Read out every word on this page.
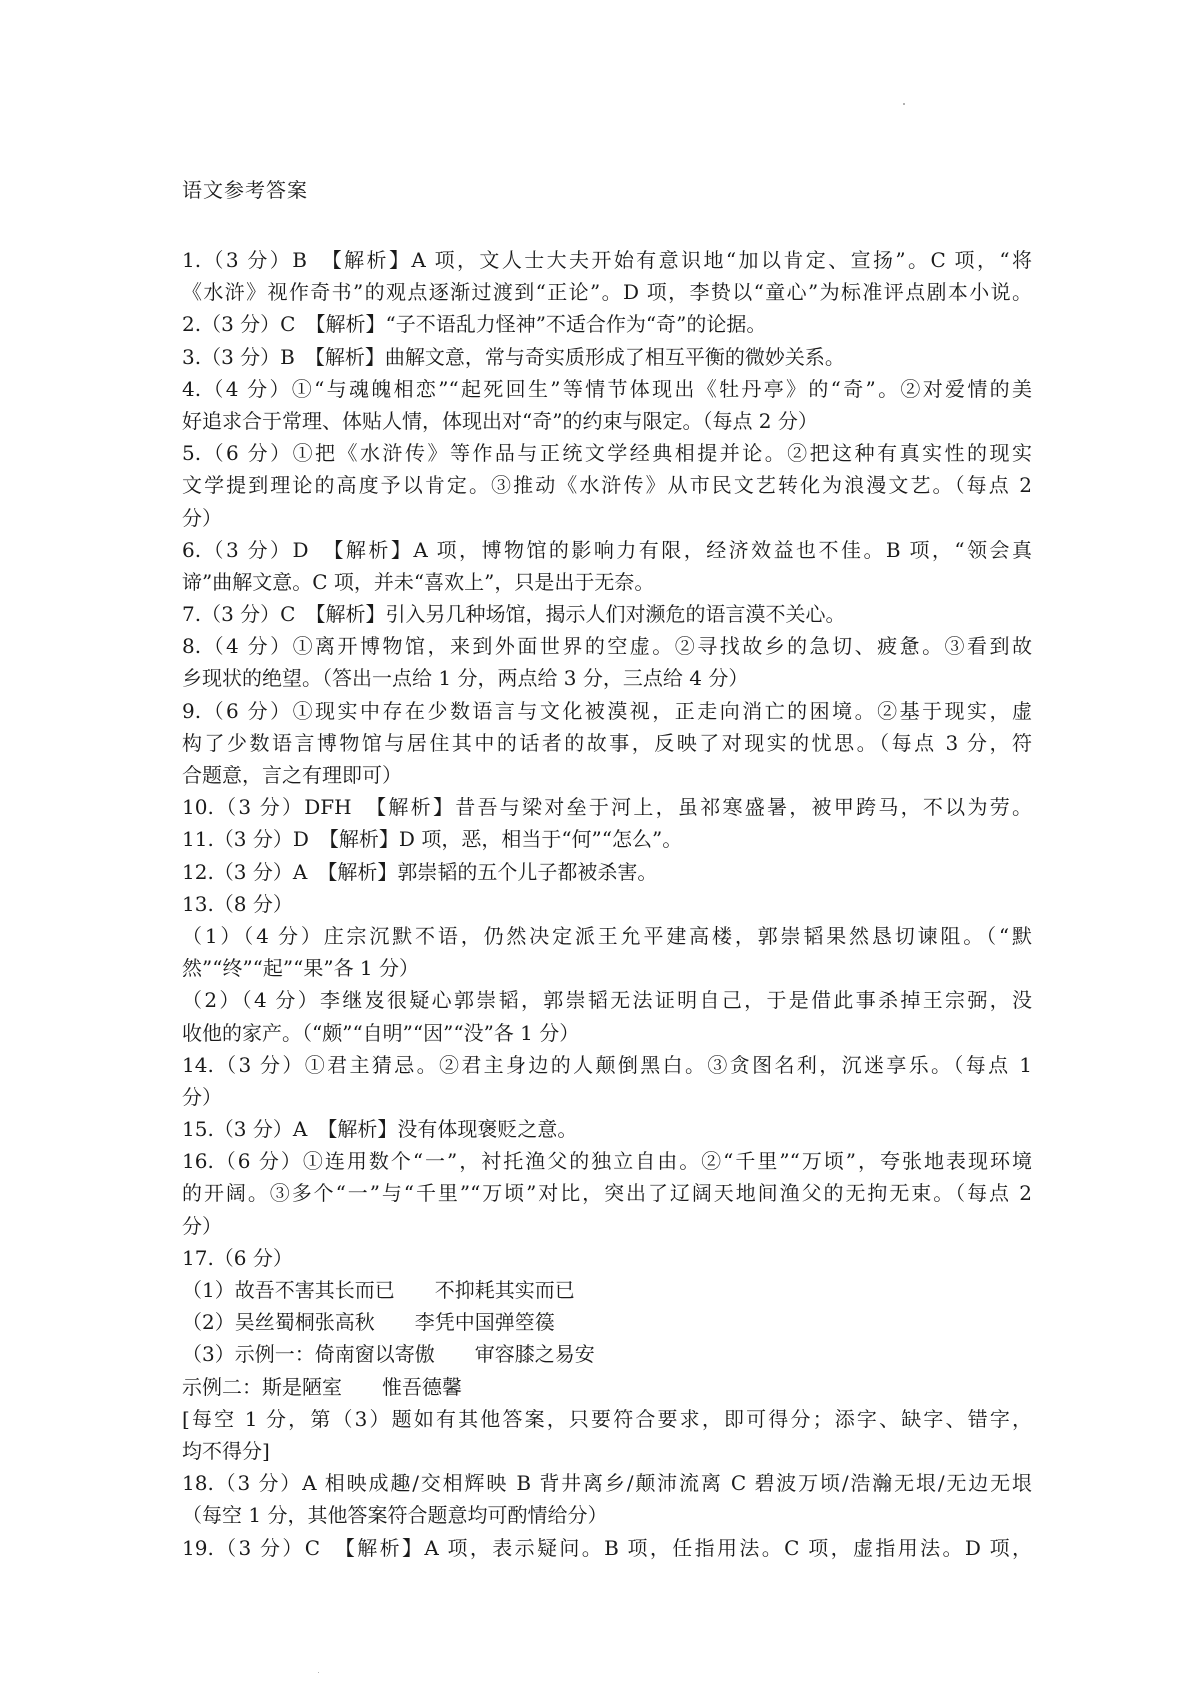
语文参考答案
1.（3 分）B　【解析】A 项，文人士大夫开始有意识地“加以肯定、宣扬”。C 项，“将
《水浒》视作奇书”的观点逐渐过渡到“正论”。D 项，李贽以“童心”为标准评点剧本小说。
2.（3 分）C　【解析】“子不语乱力怪神”不适合作为“奇”的论据。
3.（3 分）B　【解析】曲解文意，常与奇实质形成了相互平衡的微妙关系。
4.（4 分）①“与魂魄相恋”“起死回生”等情节体现出《牡丹亭》的“奇”。②对爱情的美
好追求合于常理、体贴人情，体现出对“奇”的约束与限定。（每点 2 分）
5.（6 分）①把《水浒传》等作品与正统文学经典相提并论。②把这种有真实性的现实
文学提到理论的高度予以肯定。③推动《水浒传》从市民文艺转化为浪漫文艺。（每点 2
分）
6.（3 分）D　【解析】A 项，博物馆的影响力有限，经济效益也不佳。B 项，“领会真
谛”曲解文意。C 项，并未“喜欢上”，只是出于无奈。
7.（3 分）C　【解析】引入另几种场馆，揭示人们对濒危的语言漠不关心。
8.（4 分）①离开博物馆，来到外面世界的空虚。②寻找故乡的急切、疲惫。③看到故
乡现状的绝望。（答出一点给 1 分，两点给 3 分，三点给 4 分）
9.（6 分）①现实中存在少数语言与文化被漠视，正走向消亡的困境。②基于现实，虚
构了少数语言博物馆与居住其中的话者的故事，反映了对现实的忧思。（每点 3 分，符
合题意，言之有理即可）
10.（3 分）DFH　【解析】昔吾与梁对垒于河上，虽祁寒盛暑，被甲跨马，不以为劳。
11.（3 分）D　【解析】D 项，恶，相当于“何”“怎么”。
12.（3 分）A　【解析】郭崇韬的五个儿子都被杀害。
13.（8 分）
（1）（4 分）庄宗沉默不语，仍然决定派王允平建高楼，郭崇韬果然恳切谏阻。（“默
然”“终”“起”“果”各 1 分）
（2）（4 分）李继岌很疑心郭崇韬，郭崇韬无法证明自己，于是借此事杀掉王宗弼，没
收他的家产。（“颇”“自明”“因”“没”各 1 分）
14.（3 分）①君主猜忌。②君主身边的人颠倒黑白。③贪图名利，沉迷享乐。（每点 1
分）
15.（3 分）A　【解析】没有体现褒贬之意。
16.（6 分）①连用数个“一”，衬托渔父的独立自由。②“千里”“万顷”，夸张地表现环境
的开阔。③多个“一”与“千里”“万顷”对比，突出了辽阔天地间渔父的无拘无束。（每点 2
分）
17.（6 分）
（1）故吾不害其长而已　　不抑耗其实而已
（2）吴丝蜀桐张高秋　　李凭中国弹箜篌
（3）示例一：倚南窗以寄傲　　审容膝之易安
示例二：斯是陋室　　惟吾德馨
[每空 1 分，第（3）题如有其他答案，只要符合要求，即可得分；添字、缺字、错字，
均不得分]
18.（3 分）A 相映成趣/交相辉映 B 背井离乡/颠沛流离 C 碧波万顷/浩瀚无垠/无边无垠
（每空 1 分，其他答案符合题意均可酌情给分）
19.（3 分）C　【解析】A 项，表示疑问。B 项，任指用法。C 项，虚指用法。D 项，
